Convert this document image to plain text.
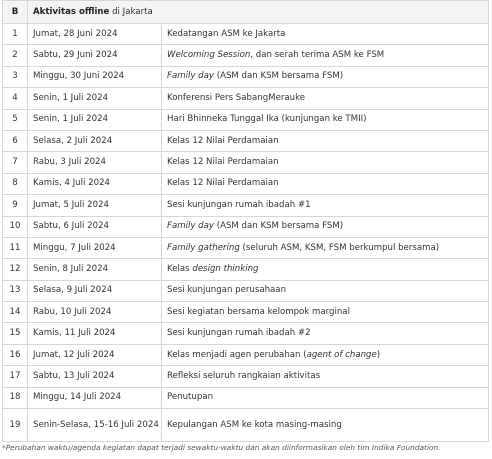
B	Aktivitas offline di Jakarta	
1	Jumat, 28 Juni 2024	Kedatangan ASM ke Jakarta
2	Sabtu, 29 Juni 2024	Welcoming Session, dan serah terima ASM ke FSM
3	Minggu, 30 Juni 2024	Family day (ASM dan KSM bersama FSM)
4	Senin, 1 Juli 2024	Konferensi Pers SabangMerauke
5	Senin, 1 Juli 2024	Hari Bhinneka Tunggal Ika (kunjungan ke TMII)
6	Selasa, 2 Juli 2024	Kelas 12 Nilai Perdamaian
7	Rabu, 3 Juli 2024	Kelas 12 Nilai Perdamaian
8	Kamis, 4 Juli 2024	Kelas 12 Nilai Perdamaian
9	Jumat, 5 Juli 2024	Sesi kunjungan rumah ibadah #1
10	Sabtu, 6 Juli 2024	Family day (ASM dan KSM bersama FSM)
11	Minggu, 7 Juli 2024	Family gathering (seluruh ASM, KSM, FSM berkumpul bersama)
12	Senin, 8 Juli 2024	Kelas design thinking
13	Selasa, 9 Juli 2024	Sesi kunjungan perusahaan
14	Rabu, 10 Juli 2024	Sesi kegiatan bersama kelompok marginal
15	Kamis, 11 Juli 2024	Sesi kunjungan rumah ibadah #2
16	Jumat, 12 Juli 2024	Kelas menjadi agen perubahan (agent of change)
17	Sabtu, 13 Juli 2024	Refleksi seluruh rangkaian aktivitas
18	Minggu, 14 Juli 2024	Penutupan
19	Senin-Selasa, 15-16 Juli 2024	Kepulangan ASM ke kota masing-masing
*Perubahan waktu/agenda kegiatan dapat terjadi sewaktu-waktu dan akan diinformasikan oleh tim Indika Foundation.
